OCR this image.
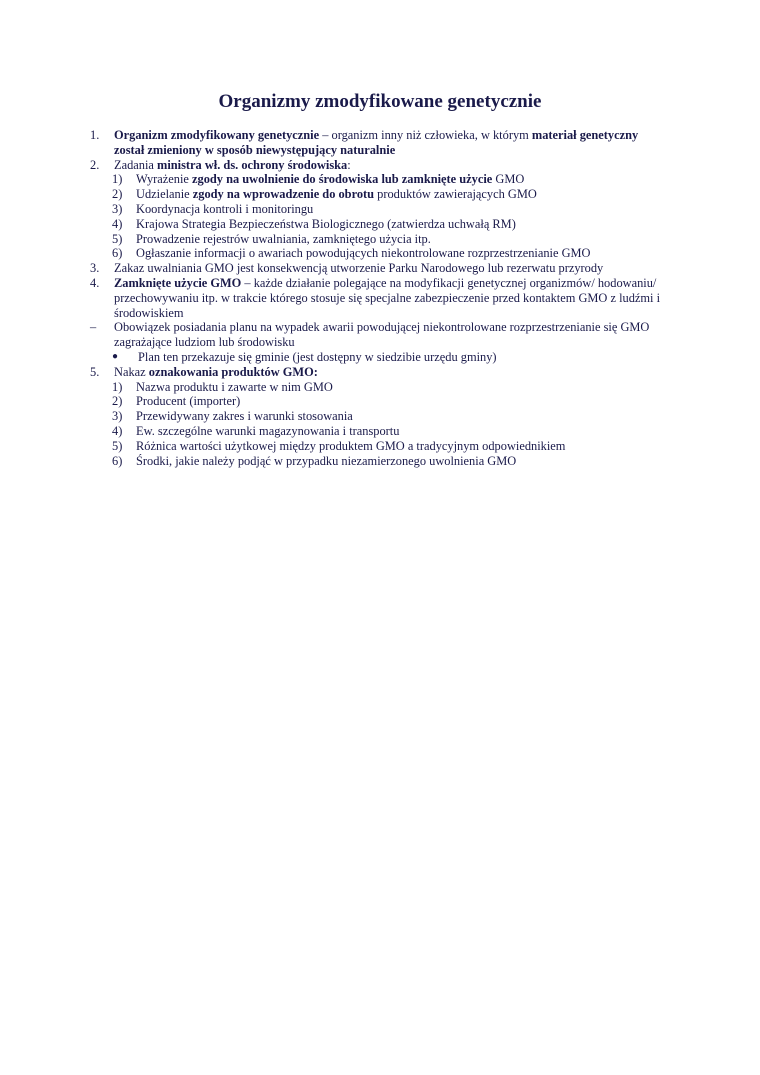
Organizmy zmodyfikowane genetycznie
1. Organizm zmodyfikowany genetycznie – organizm inny niż człowieka, w którym materiał genetyczny został zmieniony w sposób niewystępujący naturalnie
2. Zadania ministra wł. ds. ochrony środowiska:
1) Wyrażenie zgody na uwolnienie do środowiska lub zamknięte użycie GMO
2) Udzielanie zgody na wprowadzenie do obrotu produktów zawierających GMO
3) Koordynacja kontroli i monitoringu
4) Krajowa Strategia Bezpieczeństwa Biologicznego (zatwierdza uchwałą RM)
5) Prowadzenie rejestrów uwalniania, zamkniętego użycia itp.
6) Ogłaszanie informacji o awariach powodujących niekontrolowane rozprzestrzenianie GMO
3. Zakaz uwalniania GMO jest konsekwencją utworzenie Parku Narodowego lub rezerwatu przyrody
4. Zamknięte użycie GMO – każde działanie polegające na modyfikacji genetycznej organizmów/ hodowaniu/ przechowywaniu itp. w trakcie którego stosuje się specjalne zabezpieczenie przed kontaktem GMO z ludźmi i środowiskiem
– Obowiązek posiadania planu na wypadek awarii powodującej niekontrolowane rozprzestrzenianie się GMO zagrażające ludziom lub środowisku
● Plan ten przekazuje się gminie (jest dostępny w siedzibie urzędu gminy)
5. Nakaz oznakowania produktów GMO:
1) Nazwa produktu i zawarte w nim GMO
2) Producent (importer)
3) Przewidywany zakres i warunki stosowania
4) Ew. szczególne warunki magazynowania i transportu
5) Różnica wartości użytkowej między produktem GMO a tradycyjnym odpowiednikiem
6) Środki, jakie należy podjąć w przypadku niezamierzonego uwolnienia GMO
